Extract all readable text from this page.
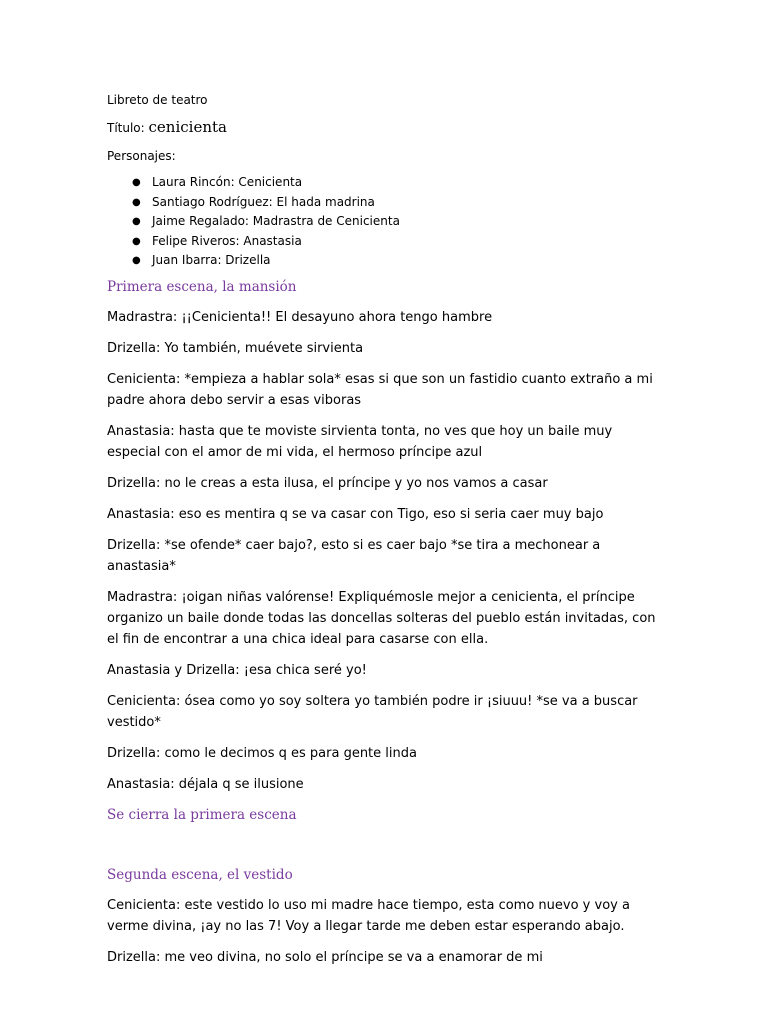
Libreto de teatro

Título: cenicienta

Personajes:

● Laura Rincón: Cenicienta
● Santiago Rodríguez: El hada madrina
● Jaime Regalado: Madrastra de Cenicienta
● Felipe Riveros: Anastasia
● Juan Ibarra: Drizella

Primera escena, la mansión

Madrastra: ¡¡Cenicienta!! El desayuno ahora tengo hambre

Drizella: Yo también, muévete sirvienta

Cenicienta: *empieza a hablar sola* esas si que son un fastidio cuanto extraño a mi padre ahora debo servir a esas viboras

Anastasia: hasta que te moviste sirvienta tonta, no ves que hoy un baile muy especial con el amor de mi vida, el hermoso príncipe azul

Drizella: no le creas a esta ilusa, el príncipe y yo nos vamos a casar

Anastasia: eso es mentira q se va casar con Tigo, eso si seria caer muy bajo

Drizella: *se ofende* caer bajo?, esto si es caer bajo *se tira a mechonear a anastasia*

Madrastra: ¡oigan niñas valórense! Expliquémosle mejor a cenicienta, el príncipe organizo un baile donde todas las doncellas solteras del pueblo están invitadas, con el fin de encontrar a una chica ideal para casarse con ella.

Anastasia y Drizella: ¡esa chica seré yo!

Cenicienta: ósea como yo soy soltera yo también podre ir ¡siuuu! *se va a buscar vestido*

Drizella: como le decimos q es para gente linda

Anastasia: déjala q se ilusione

Se cierra la primera escena

Segunda escena, el vestido

Cenicienta: este vestido lo uso mi madre hace tiempo, esta como nuevo y voy a verme divina, ¡ay no las 7! Voy a llegar tarde me deben estar esperando abajo.

Drizella: me veo divina, no solo el príncipe se va a enamorar de mi
